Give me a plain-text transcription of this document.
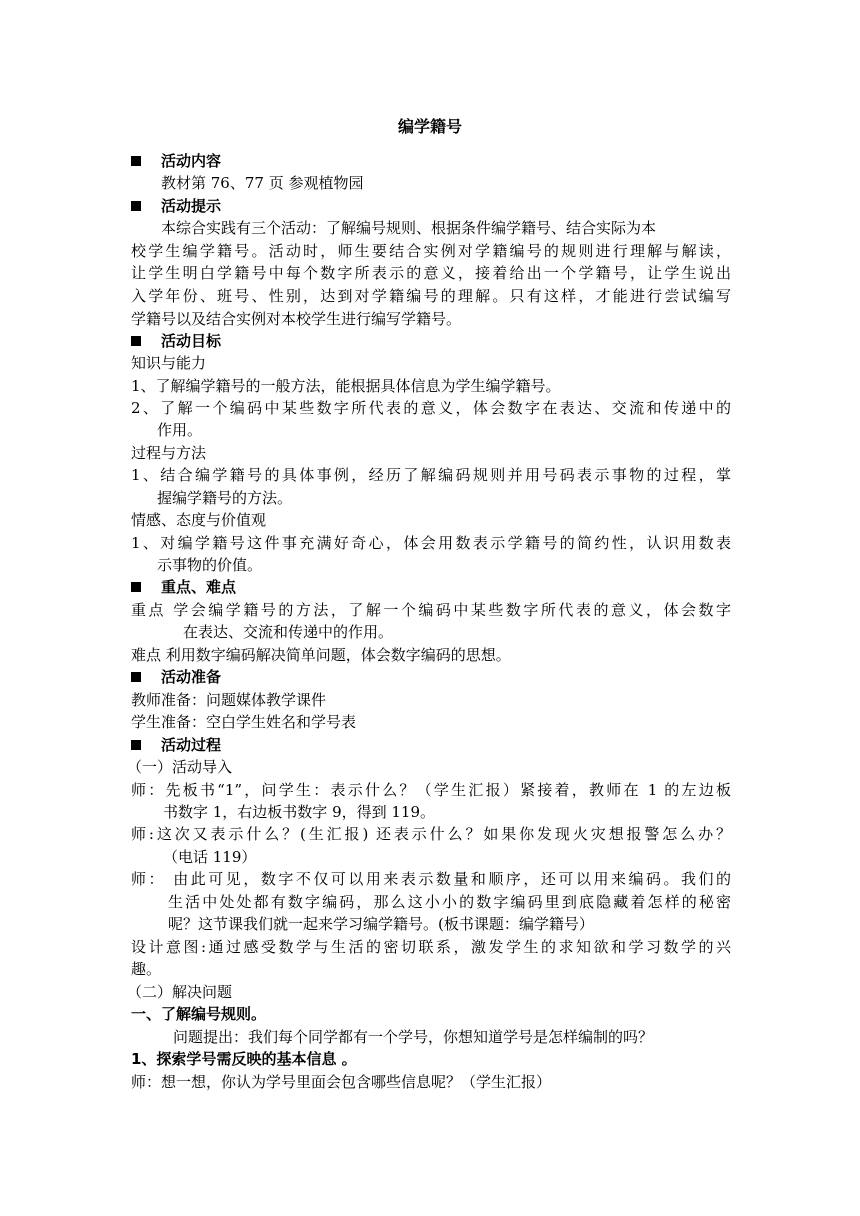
编学籍号
活动内容
教材第 76、77 页 参观植物园
活动提示
本综合实践有三个活动：了解编号规则、根据条件编学籍号、结合实际为本
校学生编学籍号。活动时，师生要结合实例对学籍编号的规则进行理解与解读，
让学生明白学籍号中每个数字所表示的意义，接着给出一个学籍号，让学生说出
入学年份、班号、性别，达到对学籍编号的理解。只有这样，才能进行尝试编写
学籍号以及结合实例对本校学生进行编写学籍号。
活动目标
知识与能力
1、了解编学籍号的一般方法，能根据具体信息为学生编学籍号。
2、了解一个编码中某些数字所代表的意义，体会数字在表达、交流和传递中的
作用。
过程与方法
1、结合编学籍号的具体事例，经历了解编码规则并用号码表示事物的过程，掌
握编学籍号的方法。
情感、态度与价值观
1、对编学籍号这件事充满好奇心，体会用数表示学籍号的简约性，认识用数表
示事物的价值。
重点、难点
重点 学会编学籍号的方法，了解一个编码中某些数字所代表的意义，体会数字
在表达、交流和传递中的作用。
难点 利用数字编码解决简单问题，体会数字编码的思想。
活动准备
教师准备：问题媒体教学课件
学生准备：空白学生姓名和学号表
活动过程
（一）活动导入
师：先板书“1”，问学生：表示什么？（学生汇报）紧接着，教师在 1 的左边板
书数字 1，右边板书数字 9，得到 119。
师:这次又表示什么？(生汇报) 还表示什么？如果你发现火灾想报警怎么办？
（电话 119）
师： 由此可见，数字不仅可以用来表示数量和顺序，还可以用来编码。我们的
生活中处处都有数字编码，那么这小小的数字编码里到底隐藏着怎样的秘密
呢？这节课我们就一起来学习编学籍号。(板书课题：编学籍号）
设计意图:通过感受数学与生活的密切联系，激发学生的求知欲和学习数学的兴
趣。
（二）解决问题
一、了解编号规则。
问题提出：我们每个同学都有一个学号，你想知道学号是怎样编制的吗？
1、探索学号需反映的基本信息 。
师：想一想，你认为学号里面会包含哪些信息呢？（学生汇报）
